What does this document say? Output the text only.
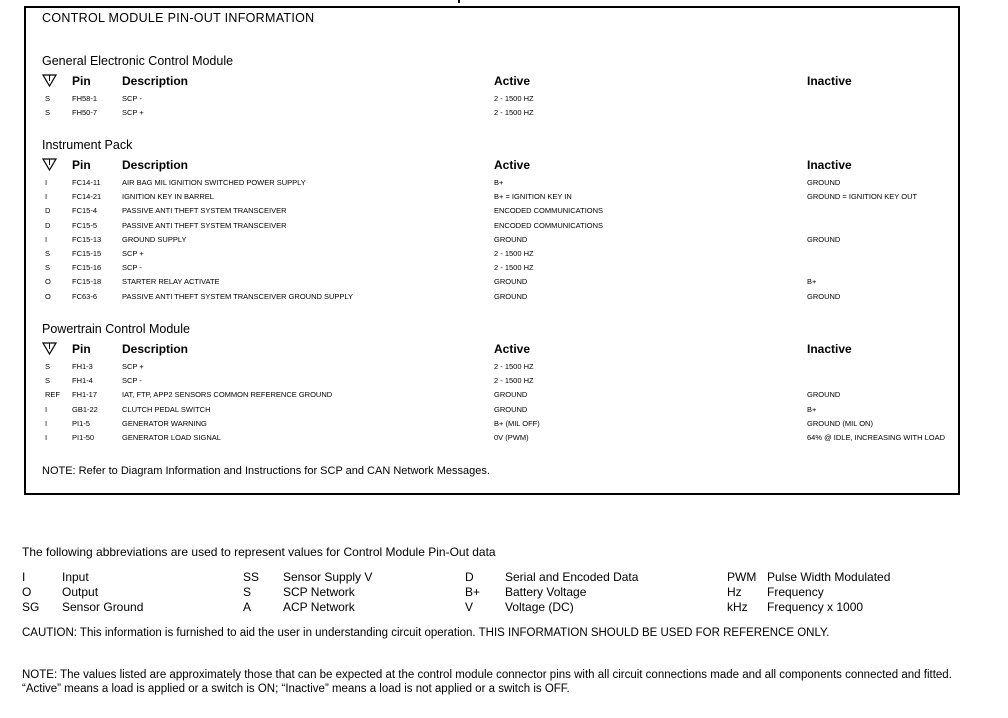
CONTROL MODULE PIN-OUT INFORMATION
NOTE: Refer to Diagram Information and Instructions for SCP and CAN Network Messages.
General Electronic Control Module
Pin	Description	Active	Inactive
S	FH58-1	SCP -	2 - 1500 HZ
S	FH50-7	SCP +	2 - 1500 HZ
Instrument Pack
Pin	Description	Active	Inactive
I	FC14-11	AIR BAG MIL IGNITION SWITCHED POWER SUPPLY	B+	GROUND
I	FC14-21	IGNITION KEY IN BARREL	B+ = IGNITION KEY IN	GROUND = IGNITION KEY OUT
D	FC15-4	PASSIVE ANTI THEFT SYSTEM TRANSCEIVER	ENCODED COMMUNICATIONS
D	FC15-5	PASSIVE ANTI THEFT SYSTEM TRANSCEIVER	ENCODED COMMUNICATIONS
I	FC15-13	GROUND SUPPLY	GROUND	GROUND
S	FC15-15	SCP +	2 - 1500 HZ
S	FC15-16	SCP -	2 - 1500 HZ
O	FC15-18	STARTER RELAY ACTIVATE	GROUND	B+
O	FC63-6	PASSIVE ANTI THEFT SYSTEM TRANSCEIVER GROUND SUPPLY	GROUND	GROUND
Powertrain Control Module
Pin	Description	Active	Inactive
S	FH1-3	SCP +	2 - 1500 HZ
S	FH1-4	SCP -	2 - 1500 HZ
REF FH1-17	IAT, FTP, APP2 SENSORS COMMON REFERENCE GROUND	GROUND	GROUND
I	GB1-22	CLUTCH PEDAL SWITCH	GROUND	B+
I	PI1-5	GENERATOR WARNING	B+ (MIL OFF)	GROUND (MIL ON)
I	PI1-50	GENERATOR LOAD SIGNAL	0V (PWM)	64% @ IDLE, INCREASING WITH LOAD
The following abbreviations are used to represent values for Control Module Pin-Out data
I	Input
O	Output
SG Sensor Ground
SS Sensor Supply V
S	SCP Network
A	ACP Network
D	Serial and Encoded Data
B+ Battery Voltage
V	Voltage (DC)
PWM Pulse Width Modulated
Hz Frequency
kHz Frequency x 1000
CAUTION: This information is furnished to aid the user in understanding circuit operation. THIS INFORMATION SHOULD BE USED FOR REFERENCE ONLY.
NOTE: The values listed are approximately those that can be expected at the control module connector pins with all circuit connections made and all components connected and fitted. “Active” means a load is applied or a switch is ON; “Inactive” means a load is not applied or a switch is OFF.
